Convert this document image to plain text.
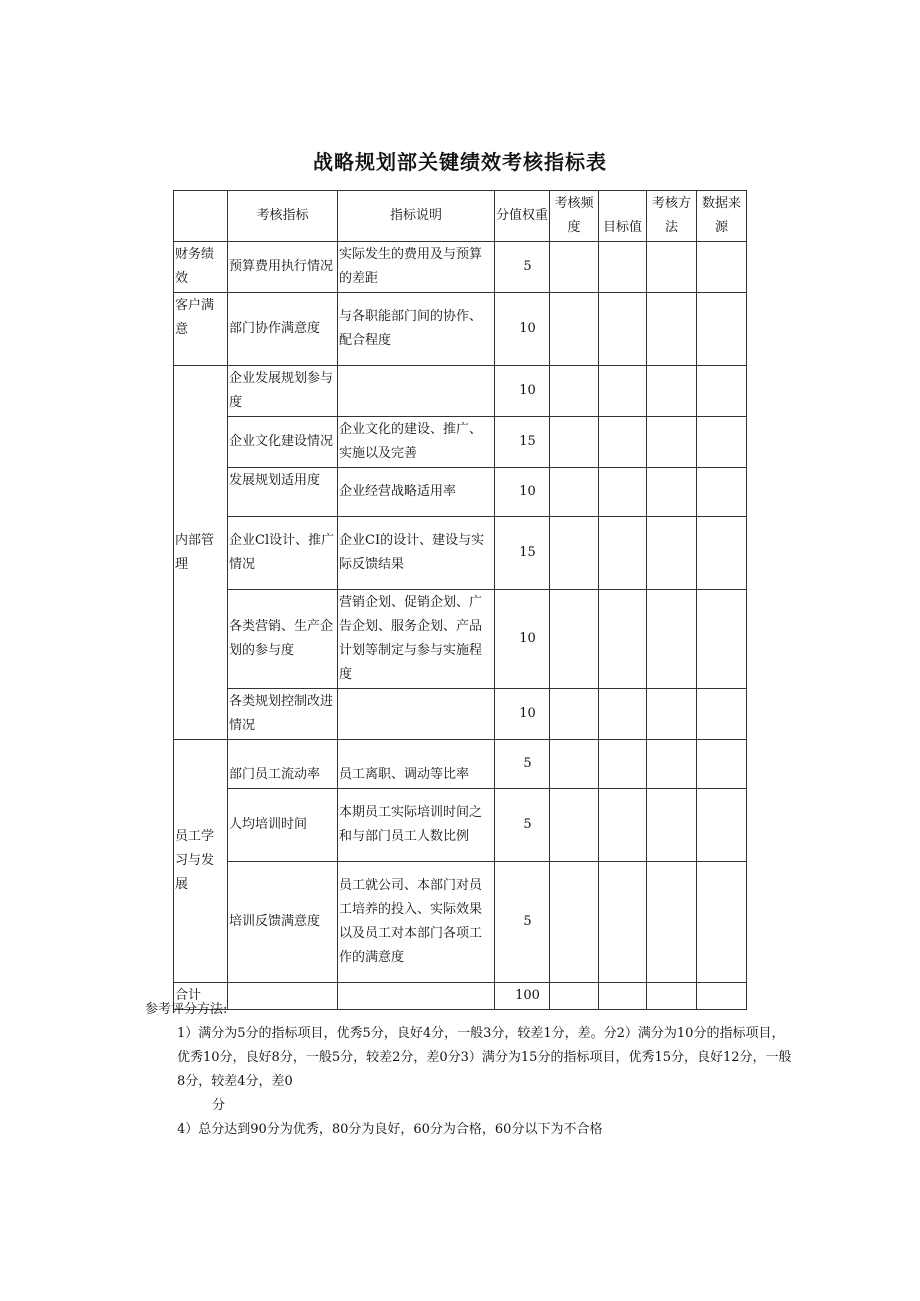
战略规划部关键绩效考核指标表
	考核指标	指标说明	分值权重	考核频度	目标值	考核方法	数据来源
财务绩效	预算费用执行情况	实际发生的费用及与预算的差距	5				
客户满意	部门协作满意度	与各职能部门间的协作、配合程度	10				
内部管理	企业发展规划参与度		10				
	企业文化建设情况	企业文化的建设、推广、实施以及完善	15				
	发展规划适用度	企业经营战略适用率	10				
	企业Cl设计、推广情况	企业CI的设计、建设与实际反馈结果	15				
	各类营销、生产企划的参与度	营销企划、促销企划、广告企划、服务企划、产品计划等制定与参与实施程度	10				
	各类规划控制改进情况		10				
员工学习与发展	部门员工流动率	员工离职、调动等比率	5				
	人均培训时间	本期员工实际培训时间之和与部门员工人数比例	5				
	培训反馈满意度	员工就公司、本部门对员工培养的投入、实际效果以及员工对本部门各项工作的满意度	5				
合计			100				
参考评分方法:
1）满分为5分的指标项目，优秀5分，良好4分，一般3分，较差1分，差。分2）满分为10分的指标项目，优秀10分，良好8分，一般5分，较差2分，差0分3）满分为15分的指标项目，优秀15分，良好12分，一般8分，较差4分，差0
分
4）总分达到90分为优秀，80分为良好，60分为合格，60分以下为不合格
